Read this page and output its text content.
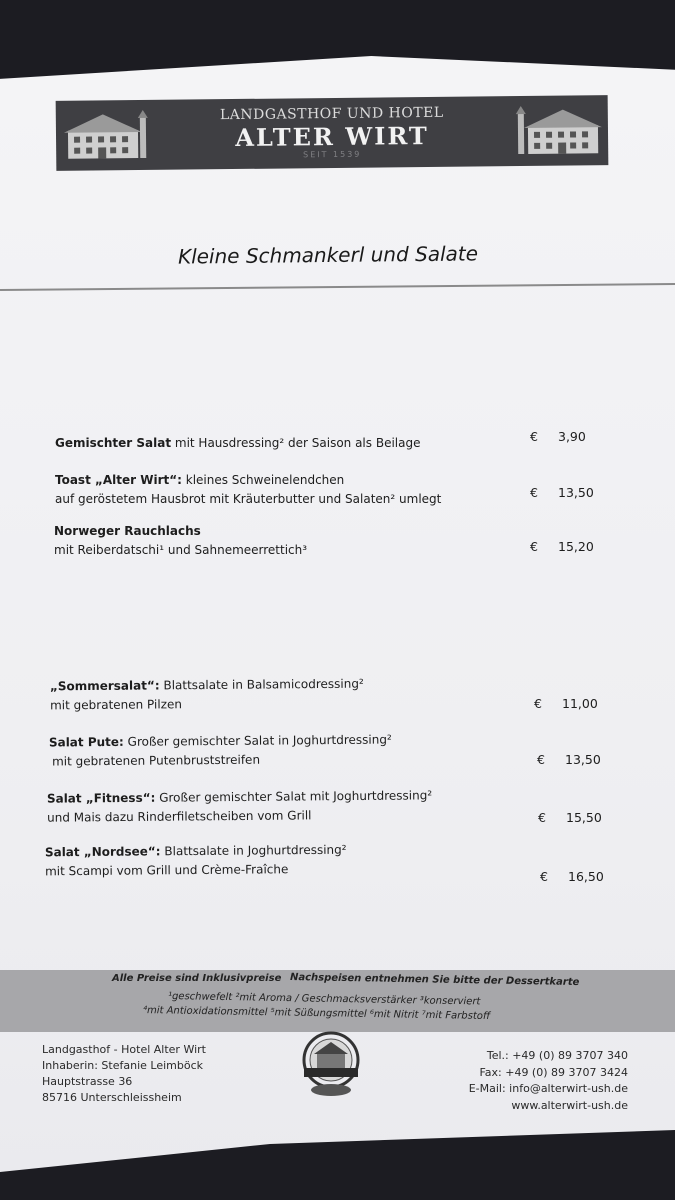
LANDGASTHOF UND HOTEL
ALTER WIRT
SEIT 1539
Kleine Schmankerl und Salate
Gemischter Salat mit Hausdressing² der Saison als Beilage	€ 3,90
Toast „Alter Wirt“: kleines Schweinelendchen
auf geröstetem Hausbrot mit Kräuterbutter und Salaten² umlegt	€ 13,50
Norweger Rauchlachs
mit Reiberdatschi¹ und Sahnemeerrettich³	€ 15,20
„Sommersalat“: Blattsalate in Balsamicodressing²
mit gebratenen Pilzen	€ 11,00
Salat Pute: Großer gemischter Salat in Joghurtdressing²
mit gebratenen Putenbruststreifen	€ 13,50
Salat „Fitness“: Großer gemischter Salat mit Joghurtdressing²
und Mais dazu Rinderfiletscheiben vom Grill	€ 15,50
Salat „Nordsee“: Blattsalate in Joghurtdressing²
mit Scampi vom Grill und Crème-Fraîche	€ 16,50
Alle Preise sind Inklusivpreise Nachspeisen entnehmen Sie bitte der Dessertkarte
¹geschwefelt ²mit Aroma / Geschmacksverstärker ³konserviert
⁴mit Antioxidationsmittel ⁵mit Süßungsmittel ⁶mit Nitrit ⁷mit Farbstoff
Landgasthof - Hotel Alter Wirt
Inhaberin: Stefanie Leimböck
Hauptstrasse 36
85716 Unterschleissheim
Tel.: +49 (0) 89 3707 340
Fax: +49 (0) 89 3707 3424
E-Mail: info@alterwirt-ush.de
www.alterwirt-ush.de
